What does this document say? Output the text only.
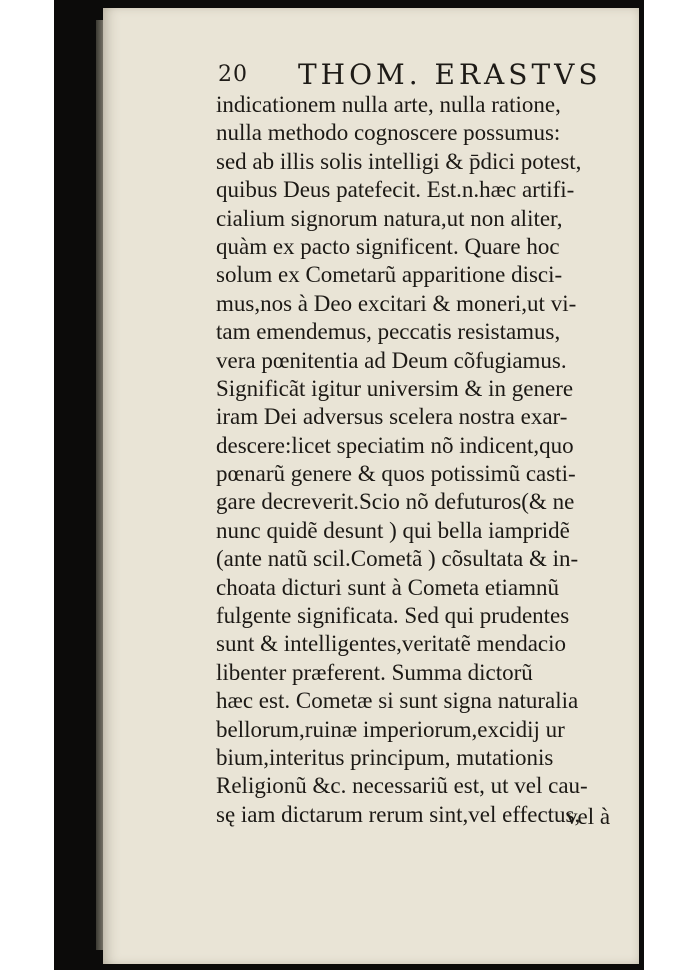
20 THOM. ERASTVS
indicationem nulla arte, nulla ratione,
nulla methodo cognoscere possumus:
sed ab illis solis intelligi & p̄dici potest,
quibus Deus patefecit. Est.n.hæc artifi-
cialium signorum natura,ut non aliter,
quàm ex pacto significent. Quare hoc
solum ex Cometarũ apparitione disci-
mus,nos à Deo excitari & moneri,ut vi-
tam emendemus, peccatis resistamus,
vera pœnitentia ad Deum cõfugiamus.
Significãt igitur universim & in genere
iram Dei adversus scelera nostra exar-
descere:licet speciatim nõ indicent,quo
pœnarũ genere & quos potissimũ casti-
gare decreverit.Scio nõ defuturos(& ne
nunc quidẽ desunt ) qui bella iampridẽ
(ante natũ scil.Cometã ) cõsultata & in-
choata dicturi sunt à Cometa etiamnũ
fulgente significata. Sed qui prudentes
sunt & intelligentes,veritatẽ mendacio
libenter præferent. Summa dictorũ
hæc est. Cometæ si sunt signa naturalia
bellorum,ruinæ imperiorum,excidij ur
bium,interitus principum, mutationis
Religionũ &c. necessariũ est, ut vel cau-
sę iam dictarum rerum sint,vel effectus,
vel à
